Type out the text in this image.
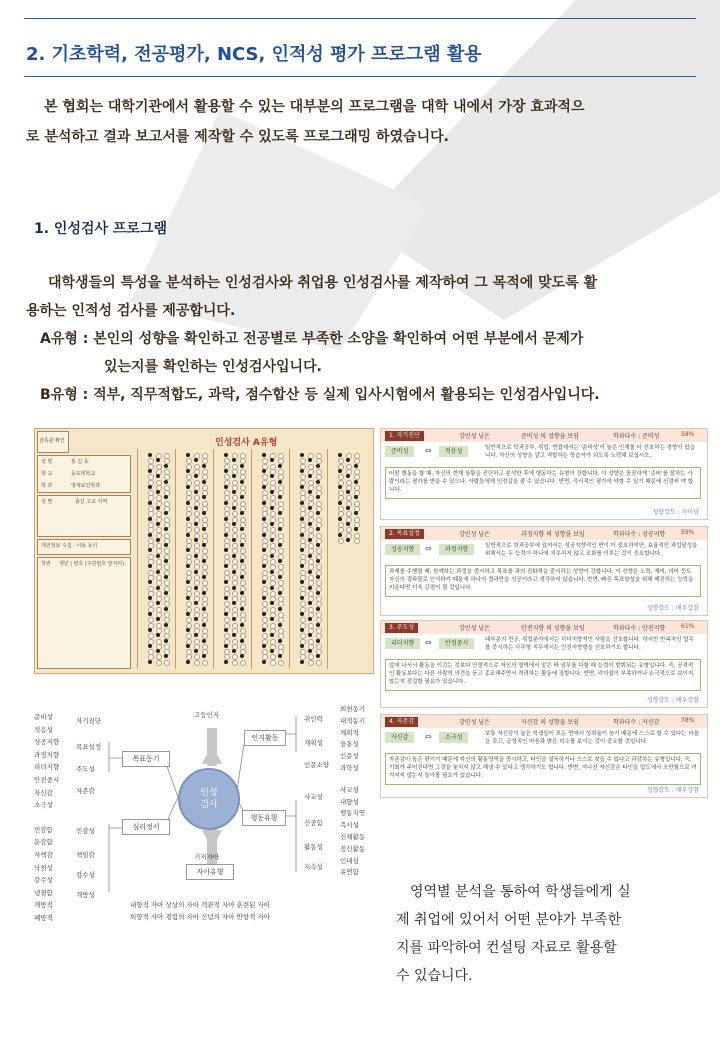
2. 기초학력, 전공평가, NCS, 인적성 평가 프로그램 활용

본 협회는 대학기관에서 활용할 수 있는 대부분의 프로그램을 대학 내에서 가장 효과적으

로 분석하고 결과 보고서를 제작할 수 있도록 프로그래밍 하였습니다.

1. 인성검사 프로그램

대학생들의 특성을 분석하는 인성검사와 취업용 인성검사를 제작하여 그 목적에 맞도록 활

용하는 인적성 검사를 제공합니다.

A유형 : 본인의 성향을 확인하고 전공별로 부족한 소양을 확인하여 어떤 부분에서 문제가

있는지를 확인하는 인성검사입니다.

B유형 : 적부, 직무적합도, 과락, 점수합산 등 실제 입사시험에서 활용되는 인성검사입니다.

감독관 확인
성 명	홍 길 동
학 교	등도대학교
학 과	영재보건학과
성 별	출신 고교 지역
개인정보 수집 · 이용 동의
학번 생년 | 번호 (주민번호 앞자리)
인성검사 A유형
1. 자기진단	강민성 님은	준비성 의 성향을 보임	학과다수 : 준비성	58%
준비성	⇔	적응성	일반적으로 학과공부, 취업, 면접에서는 '준비성'이 높은 인재를 더 선호하는 경향이 있습니다. 자신의 성향을 알고 적합하는 학습자가 되도록 노력해 보십시오.
어떤 행동을 할 때, 자신의 현재 상황을 진단하고 분석한 후에 행동하는 유형이 강합니다. 이 성향은 꼼꼼하게 '준비'를 잘하는 사람이라는 평가를 받을 수 있으나, 사람들에게 인정감을 줄 수 있습니다. 반면, 즉시적인 평가에 약할 수 있기 때문에 신경써 야 합니다.
성향강도 : 자이남
2. 목표설정	강민성 님은	과정지향 의 성향을 보임	학과다수 : 성공지향	59%
성공지향	⇔	과정지향	일반적으로 학과공부에 있어서는 성공지향적인 면이 더 중요하지만, 효율적인 과업달성을 위해서는 두 능력이 하나에 치우치지 않고 조화를 이루는 것이 중요합니다.
과제를 수행할 때, 함께하는 과정을 중시하고 목표를 과의 진화적을 중시하는 성향이 강합니다. 이 성향은 노력, 재미, 의미 등도 자신의 결과물로 인식하기 때문에 하나의 결과만을 성공이라고 생각하지 않습니다. 반면, 빠른 목표달성을 위해 매진하는 능력을 키운다면 더욱 강점이 될 것입니다.
성향강도 : 매우강함
3. 주도성	강민성 님은	안전지향 의 성향을 보임	학과다수 : 안전지향	61%
리더지향	⇔	안정중시	대부분의 전공, 취업분야에서는 리더지향적인 사람을 선호합니다. 하지만 반복적인 업무를 중시하는 사무형 직무에서는 안전지향형을 선호하기도 합니다.
앞에 나서서 활동을 이끄는 것보다 안정적으로 자신의 영역에서 맡은 바 임무를 다할 때 능력이 발휘되는 유형입니다. 즉, 공격적인 활동보다는 다른 사람의 의견을 듣고 종조해주면서 격려하는 활동에 강합니다. 반면, 리더쉽이 부족하거나 소극적으로 보이지 않는지 점검할 필요가 있습니다.
성향강도 : 매우강함
4. 자존감	강민성 님은	자신감 의 성향을 보임	학과다수 : 자신감	78%
자신감	⇔	소극성	보통 자신감이 높은 학생들이 모든 면에서 성취율이 높기 때문에 스스로 할 수 있다는 마음을 갖고, 긍정적인 마음과 밝은 미소를 보이는 것이 중요할 것입니다.
자존감이 높은 편이기 때문에 자신의 활동영역을 중시하고, 타인을 설득하거나 스스로 찾을 수 있다고 과감하는 유형입니다. 즉, 기회가 주어진다면 그것을 놓치지 않고 해낼 수 있다고 생각하기도 합니다. 반면, 지나친 자신감은 타인을 압도에서 오만함으로 여겨지지 않는지 돌아볼 필요가 있습니다.
성향강도 : 매우강함
인성
검사
고등인지
기저자아
목표동기
인지활동
심리정서
행동유형
자아유형
준비성
적응성
성공지향
과정지향
리더지향
안전중시
자신감
소극성
민감함
둔감함
자책감
낙천성
갈수성
냉철함
개방적
폐방적
자기진단
목표설정
주도성
자존감
민감성
책임감
감수성
개방성
귀인력
계획성
인문소양
사교성
신중함
활동성
지속성
외현동기
내적동기
계획적
융통성
인문성
과학성
사교성
내향성
행동지연
즉시성
신체활동
정신활동
인내심
유연함
내향적 자아 상상의 자아 객관적 자아 훈련된 자아
외향적 자아 경험의 자아 신념의 자아 반항적 자아
영역별 분석을 통하여 학생들에게 실
제 취업에 있어서 어떤 분야가 부족한
지를 파악하여 컨설팅 자료로 활용할
수 있습니다.
